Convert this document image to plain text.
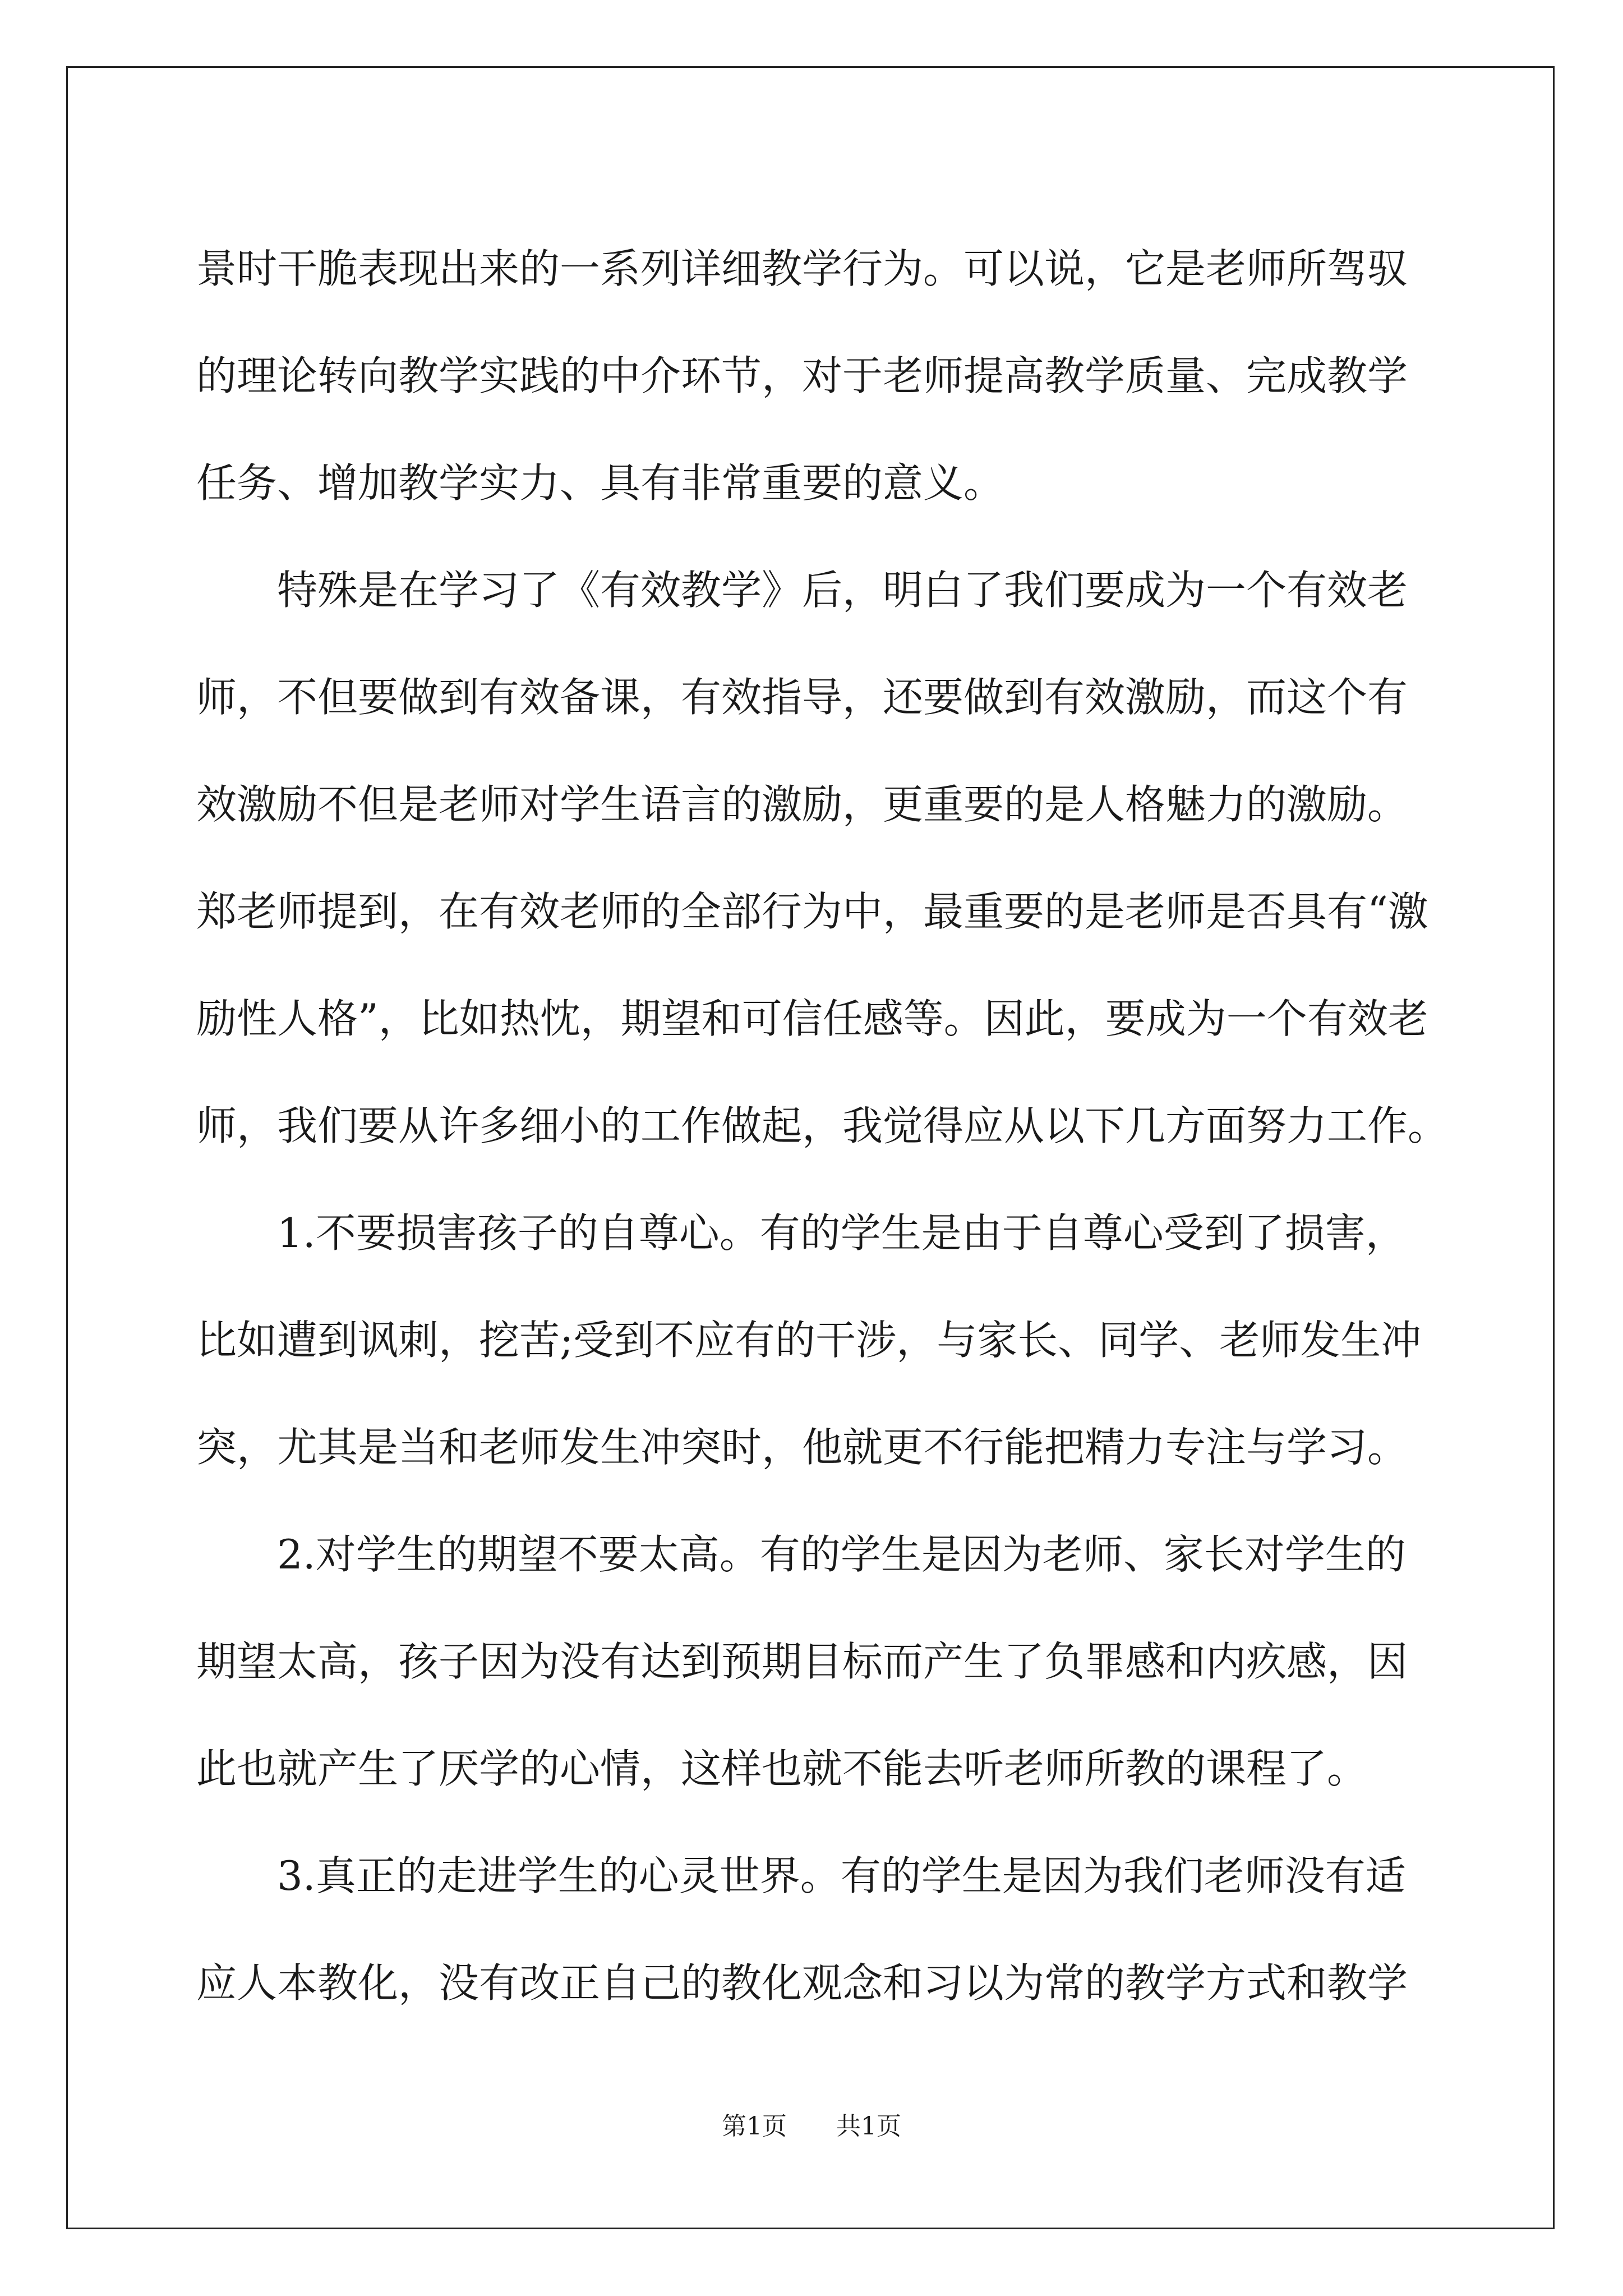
景时干脆表现出来的一系列详细教学行为。可以说，它是老师所驾驭
的理论转向教学实践的中介环节，对于老师提高教学质量、完成教学
任务、增加教学实力、具有非常重要的意义。
特殊是在学习了《有效教学》后，明白了我们要成为一个有效老
师，不但要做到有效备课，有效指导，还要做到有效激励，而这个有
效激励不但是老师对学生语言的激励，更重要的是人格魅力的激励。
郑老师提到，在有效老师的全部行为中，最重要的是老师是否具有“激
励性人格”，比如热忱，期望和可信任感等。因此，要成为一个有效老
师，我们要从许多细小的工作做起，我觉得应从以下几方面努力工作。
1.不要损害孩子的自尊心。有的学生是由于自尊心受到了损害，
比如遭到讽刺，挖苦;受到不应有的干涉，与家长、同学、老师发生冲
突，尤其是当和老师发生冲突时，他就更不行能把精力专注与学习。
2.对学生的期望不要太高。有的学生是因为老师、家长对学生的
期望太高，孩子因为没有达到预期目标而产生了负罪感和内疚感，因
此也就产生了厌学的心情，这样也就不能去听老师所教的课程了。
3.真正的走进学生的心灵世界。有的学生是因为我们老师没有适
应人本教化，没有改正自己的教化观念和习以为常的教学方式和教学
第1页 共1页
